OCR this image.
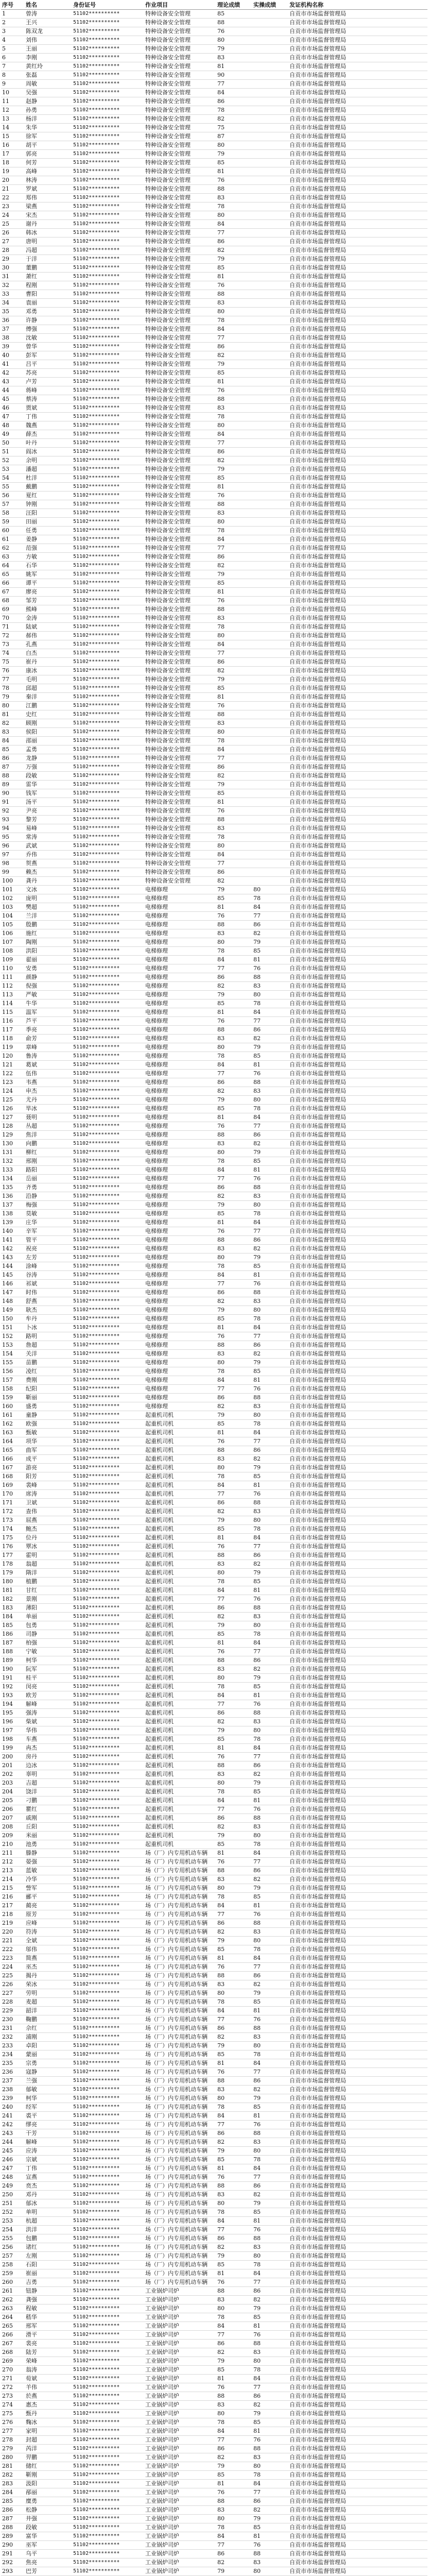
序号	姓名	身份证号	作业项目	理论成绩	实操成绩	发证机构名称
1	曾涛	51102**********	特种设备安全管理	85		自贡市市场监督管理局
2	王兴	51102**********	特种设备安全管理	88		自贡市市场监督管理局
3	陈双龙	51102**********	特种设备安全管理	76		自贡市市场监督管理局
4	刘伟	51102**********	特种设备安全管理	80		自贡市市场监督管理局
5	王丽	51102**********	特种设备安全管理	79		自贡市市场监督管理局
6	李刚	51102**********	特种设备安全管理	83		自贡市市场监督管理局
7	黄红玲	51102**********	特种设备安全管理	81		自贡市市场监督管理局
8	张磊	51102**********	特种设备安全管理	90		自贡市市场监督管理局
9	周敏	51102**********	特种设备安全管理	77		自贡市市场监督管理局
10	吴强	51102**********	特种设备安全管理	84		自贡市市场监督管理局
11	赵静	51102**********	特种设备安全管理	86		自贡市市场监督管理局
12	孙勇	51102**********	特种设备安全管理	78		自贡市市场监督管理局
13	杨洋	51102**********	特种设备安全管理	82		自贡市市场监督管理局
14	朱华	51102**********	特种设备安全管理	75		自贡市市场监督管理局
15	徐军	51102**********	特种设备安全管理	87		自贡市市场监督管理局
16	胡平	51102**********	特种设备安全管理	80		自贡市市场监督管理局
17	郭亮	51102**********	特种设备安全管理	79		自贡市市场监督管理局
18	何芳	51102**********	特种设备安全管理	85		自贡市市场监督管理局
19	高峰	51102**********	特种设备安全管理	81		自贡市市场监督管理局
20	林涛	51102**********	特种设备安全管理	76		自贡市市场监督管理局
21	罗斌	51102**********	特种设备安全管理	88		自贡市市场监督管理局
22	郑伟	51102**********	特种设备安全管理	83		自贡市市场监督管理局
23	梁燕	51102**********	特种设备安全管理	78		自贡市市场监督管理局
24	宋杰	51102**********	特种设备安全管理	80		自贡市市场监督管理局
25	谢丹	51102**********	特种设备安全管理	84		自贡市市场监督管理局
26	韩冰	51102**********	特种设备安全管理	77		自贡市市场监督管理局
27	唐明	51102**********	特种设备安全管理	86		自贡市市场监督管理局
28	冯超	51102**********	特种设备安全管理	82		自贡市市场监督管理局
29	于洋	51102**********	特种设备安全管理	79		自贡市市场监督管理局
30	董鹏	51102**********	特种设备安全管理	85		自贡市市场监督管理局
31	萧红	51102**********	特种设备安全管理	81		自贡市市场监督管理局
32	程刚	51102**********	特种设备安全管理	76		自贡市市场监督管理局
33	曹阳	51102**********	特种设备安全管理	88		自贡市市场监督管理局
34	袁丽	51102**********	特种设备安全管理	83		自贡市市场监督管理局
35	邓勇	51102**********	特种设备安全管理	80		自贡市市场监督管理局
36	许静	51102**********	特种设备安全管理	78		自贡市市场监督管理局
37	傅强	51102**********	特种设备安全管理	84		自贡市市场监督管理局
38	沈敏	51102**********	特种设备安全管理	77		自贡市市场监督管理局
39	曾华	51102**********	特种设备安全管理	86		自贡市市场监督管理局
40	彭军	51102**********	特种设备安全管理	82		自贡市市场监督管理局
41	吕平	51102**********	特种设备安全管理	79		自贡市市场监督管理局
42	苏亮	51102**********	特种设备安全管理	85		自贡市市场监督管理局
43	卢芳	51102**********	特种设备安全管理	81		自贡市市场监督管理局
44	蒋峰	51102**********	特种设备安全管理	76		自贡市市场监督管理局
45	蔡涛	51102**********	特种设备安全管理	88		自贡市市场监督管理局
46	贾斌	51102**********	特种设备安全管理	83		自贡市市场监督管理局
47	丁伟	51102**********	特种设备安全管理	78		自贡市市场监督管理局
48	魏燕	51102**********	特种设备安全管理	80		自贡市市场监督管理局
49	薛杰	51102**********	特种设备安全管理	84		自贡市市场监督管理局
50	叶丹	51102**********	特种设备安全管理	77		自贡市市场监督管理局
51	阎冰	51102**********	特种设备安全管理	86		自贡市市场监督管理局
52	余明	51102**********	特种设备安全管理	82		自贡市市场监督管理局
53	潘超	51102**********	特种设备安全管理	79		自贡市市场监督管理局
54	杜洋	51102**********	特种设备安全管理	85		自贡市市场监督管理局
55	戴鹏	51102**********	特种设备安全管理	81		自贡市市场监督管理局
56	夏红	51102**********	特种设备安全管理	76		自贡市市场监督管理局
57	钟刚	51102**********	特种设备安全管理	88		自贡市市场监督管理局
58	汪阳	51102**********	特种设备安全管理	83		自贡市市场监督管理局
59	田丽	51102**********	特种设备安全管理	80		自贡市市场监督管理局
60	任勇	51102**********	特种设备安全管理	78		自贡市市场监督管理局
61	姜静	51102**********	特种设备安全管理	84		自贡市市场监督管理局
62	范强	51102**********	特种设备安全管理	77		自贡市市场监督管理局
63	方敏	51102**********	特种设备安全管理	86		自贡市市场监督管理局
64	石华	51102**********	特种设备安全管理	82		自贡市市场监督管理局
65	姚军	51102**********	特种设备安全管理	79		自贡市市场监督管理局
66	谭平	51102**********	特种设备安全管理	85		自贡市市场监督管理局
67	廖亮	51102**********	特种设备安全管理	81		自贡市市场监督管理局
68	邹芳	51102**********	特种设备安全管理	76		自贡市市场监督管理局
69	熊峰	51102**********	特种设备安全管理	88		自贡市市场监督管理局
70	金涛	51102**********	特种设备安全管理	83		自贡市市场监督管理局
71	陆斌	51102**********	特种设备安全管理	78		自贡市市场监督管理局
72	郝伟	51102**********	特种设备安全管理	80		自贡市市场监督管理局
73	孔燕	51102**********	特种设备安全管理	84		自贡市市场监督管理局
74	白杰	51102**********	特种设备安全管理	77		自贡市市场监督管理局
75	崔丹	51102**********	特种设备安全管理	86		自贡市市场监督管理局
76	康冰	51102**********	特种设备安全管理	82		自贡市市场监督管理局
77	毛明	51102**********	特种设备安全管理	79		自贡市市场监督管理局
78	邱超	51102**********	特种设备安全管理	85		自贡市市场监督管理局
79	秦洋	51102**********	特种设备安全管理	81		自贡市市场监督管理局
80	江鹏	51102**********	特种设备安全管理	76		自贡市市场监督管理局
81	史红	51102**********	特种设备安全管理	88		自贡市市场监督管理局
82	顾刚	51102**********	特种设备安全管理	83		自贡市市场监督管理局
83	侯阳	51102**********	特种设备安全管理	80		自贡市市场监督管理局
84	邵丽	51102**********	特种设备安全管理	78		自贡市市场监督管理局
85	孟勇	51102**********	特种设备安全管理	84		自贡市市场监督管理局
86	龙静	51102**********	特种设备安全管理	77		自贡市市场监督管理局
87	万强	51102**********	特种设备安全管理	86		自贡市市场监督管理局
88	段敏	51102**********	特种设备安全管理	82		自贡市市场监督管理局
89	雷华	51102**********	特种设备安全管理	79		自贡市市场监督管理局
90	钱军	51102**********	特种设备安全管理	85		自贡市市场监督管理局
91	汤平	51102**********	特种设备安全管理	81		自贡市市场监督管理局
92	尹亮	51102**********	特种设备安全管理	76		自贡市市场监督管理局
93	黎芳	51102**********	特种设备安全管理	88		自贡市市场监督管理局
94	易峰	51102**********	特种设备安全管理	83		自贡市市场监督管理局
95	常涛	51102**********	特种设备安全管理	78		自贡市市场监督管理局
96	武斌	51102**********	特种设备安全管理	80		自贡市市场监督管理局
97	乔伟	51102**********	特种设备安全管理	84		自贡市市场监督管理局
98	贺燕	51102**********	特种设备安全管理	77		自贡市市场监督管理局
99	赖杰	51102**********	特种设备安全管理	86		自贡市市场监督管理局
100	龚丹	51102**********	特种设备安全管理	82		自贡市市场监督管理局
101	文冰	51102**********	电梯修理	79	80	自贡市市场监督管理局
102	庞明	51102**********	电梯修理	85	78	自贡市市场监督管理局
103	樊超	51102**********	电梯修理	81	84	自贡市市场监督管理局
104	兰洋	51102**********	电梯修理	76	77	自贡市市场监督管理局
105	殷鹏	51102**********	电梯修理	88	86	自贡市市场监督管理局
106	施红	51102**********	电梯修理	83	82	自贡市市场监督管理局
107	陶刚	51102**********	电梯修理	80	79	自贡市市场监督管理局
108	洪阳	51102**********	电梯修理	78	85	自贡市市场监督管理局
109	翟丽	51102**********	电梯修理	84	81	自贡市市场监督管理局
110	安勇	51102**********	电梯修理	77	76	自贡市市场监督管理局
111	颜静	51102**********	电梯修理	86	88	自贡市市场监督管理局
112	倪强	51102**********	电梯修理	82	83	自贡市市场监督管理局
113	严敏	51102**********	电梯修理	79	80	自贡市市场监督管理局
114	牛华	51102**********	电梯修理	85	78	自贡市市场监督管理局
115	温军	51102**********	电梯修理	81	84	自贡市市场监督管理局
116	芦平	51102**********	电梯修理	76	77	自贡市市场监督管理局
117	季亮	51102**********	电梯修理	88	86	自贡市市场监督管理局
118	俞芳	51102**********	电梯修理	83	82	自贡市市场监督管理局
119	章峰	51102**********	电梯修理	80	79	自贡市市场监督管理局
120	鲁涛	51102**********	电梯修理	78	85	自贡市市场监督管理局
121	葛斌	51102**********	电梯修理	84	81	自贡市市场监督管理局
122	伍伟	51102**********	电梯修理	77	76	自贡市市场监督管理局
123	韦燕	51102**********	电梯修理	86	88	自贡市市场监督管理局
124	申杰	51102**********	电梯修理	82	83	自贡市市场监督管理局
125	尤丹	51102**********	电梯修理	79	80	自贡市市场监督管理局
126	毕冰	51102**********	电梯修理	85	78	自贡市市场监督管理局
127	聂明	51102**********	电梯修理	81	84	自贡市市场监督管理局
128	丛超	51102**********	电梯修理	76	77	自贡市市场监督管理局
129	焦洋	51102**********	电梯修理	88	86	自贡市市场监督管理局
130	向鹏	51102**********	电梯修理	83	82	自贡市市场监督管理局
131	柳红	51102**********	电梯修理	80	79	自贡市市场监督管理局
132	邢刚	51102**********	电梯修理	78	85	自贡市市场监督管理局
133	路阳	51102**********	电梯修理	84	81	自贡市市场监督管理局
134	岳丽	51102**********	电梯修理	77	76	自贡市市场监督管理局
135	齐勇	51102**********	电梯修理	86	88	自贡市市场监督管理局
136	沿静	51102**********	电梯修理	82	83	自贡市市场监督管理局
137	梅强	51102**********	电梯修理	79	80	自贡市市场监督管理局
138	莫敏	51102**********	电梯修理	85	78	自贡市市场监督管理局
139	庄华	51102**********	电梯修理	81	84	自贡市市场监督管理局
140	辛军	51102**********	电梯修理	76	77	自贡市市场监督管理局
141	管平	51102**********	电梯修理	88	86	自贡市市场监督管理局
142	祝亮	51102**********	电梯修理	83	82	自贡市市场监督管理局
143	左芳	51102**********	电梯修理	80	79	自贡市市场监督管理局
144	涂峰	51102**********	电梯修理	78	85	自贡市市场监督管理局
145	谷涛	51102**********	电梯修理	84	81	自贡市市场监督管理局
146	祁斌	51102**********	电梯修理	77	76	自贡市市场监督管理局
147	时伟	51102**********	电梯修理	86	88	自贡市市场监督管理局
148	舒燕	51102**********	电梯修理	82	83	自贡市市场监督管理局
149	耿杰	51102**********	电梯修理	79	80	自贡市市场监督管理局
150	牟丹	51102**********	电梯修理	85	78	自贡市市场监督管理局
151	卜冰	51102**********	电梯修理	81	84	自贡市市场监督管理局
152	路明	51102**********	电梯修理	76	77	自贡市市场监督管理局
153	詹超	51102**********	电梯修理	88	86	自贡市市场监督管理局
154	关洋	51102**********	电梯修理	83	82	自贡市市场监督管理局
155	苗鹏	51102**********	电梯修理	80	79	自贡市市场监督管理局
156	凌红	51102**********	电梯修理	78	85	自贡市市场监督管理局
157	费刚	51102**********	电梯修理	84	81	自贡市市场监督管理局
158	纪阳	51102**********	电梯修理	77	76	自贡市市场监督管理局
159	靳丽	51102**********	电梯修理	86	88	自贡市市场监督管理局
160	盛勇	51102**********	电梯修理	82	83	自贡市市场监督管理局
161	童静	51102**********	起重机司机	79	80	自贡市市场监督管理局
162	欧强	51102**********	起重机司机	85	78	自贡市市场监督管理局
163	甄敏	51102**********	起重机司机	81	84	自贡市市场监督管理局
164	项华	51102**********	起重机司机	76	77	自贡市市场监督管理局
165	曲军	51102**********	起重机司机	88	86	自贡市市场监督管理局
166	成平	51102**********	起重机司机	83	82	自贡市市场监督管理局
167	游亮	51102**********	起重机司机	80	79	自贡市市场监督管理局
168	阳芳	51102**********	起重机司机	78	85	自贡市市场监督管理局
169	裴峰	51102**********	起重机司机	84	81	自贡市市场监督管理局
170	席涛	51102**********	起重机司机	77	76	自贡市市场监督管理局
171	卫斌	51102**********	起重机司机	86	88	自贡市市场监督管理局
172	查伟	51102**********	起重机司机	82	83	自贡市市场监督管理局
173	屈燕	51102**********	起重机司机	79	80	自贡市市场监督管理局
174	鲍杰	51102**********	起重机司机	85	78	自贡市市场监督管理局
175	位丹	51102**********	起重机司机	81	84	自贡市市场监督管理局
176	覃冰	51102**********	起重机司机	76	77	自贡市市场监督管理局
177	霍明	51102**********	起重机司机	88	86	自贡市市场监督管理局
178	翁超	51102**********	起重机司机	83	82	自贡市市场监督管理局
179	隋洋	51102**********	起重机司机	80	79	自贡市市场监督管理局
180	植鹏	51102**********	起重机司机	78	85	自贡市市场监督管理局
181	甘红	51102**********	起重机司机	84	81	自贡市市场监督管理局
182	景刚	51102**********	起重机司机	77	76	自贡市市场监督管理局
183	薄阳	51102**********	起重机司机	86	88	自贡市市场监督管理局
184	单丽	51102**********	起重机司机	82	83	自贡市市场监督管理局
185	包勇	51102**********	起重机司机	79	80	自贡市市场监督管理局
186	司静	51102**********	起重机司机	85	78	自贡市市场监督管理局
187	柏强	51102**********	起重机司机	81	84	自贡市市场监督管理局
188	宁敏	51102**********	起重机司机	76	77	自贡市市场监督管理局
189	柯华	51102**********	起重机司机	88	86	自贡市市场监督管理局
190	阮军	51102**********	起重机司机	83	82	自贡市市场监督管理局
191	桂平	51102**********	起重机司机	80	79	自贡市市场监督管理局
192	闵亮	51102**********	起重机司机	78	85	自贡市市场监督管理局
193	欧芳	51102**********	起重机司机	84	81	自贡市市场监督管理局
194	解峰	51102**********	起重机司机	77	76	自贡市市场监督管理局
195	强涛	51102**********	起重机司机	86	88	自贡市市场监督管理局
196	柴斌	51102**********	起重机司机	82	83	自贡市市场监督管理局
197	华伟	51102**********	起重机司机	79	80	自贡市市场监督管理局
198	车燕	51102**********	起重机司机	85	78	自贡市市场监督管理局
199	冉杰	51102**********	起重机司机	81	84	自贡市市场监督管理局
200	房丹	51102**********	起重机司机	76	77	自贡市市场监督管理局
201	边冰	51102**********	起重机司机	88	86	自贡市市场监督管理局
202	辜明	51102**********	起重机司机	83	82	自贡市市场监督管理局
203	吉超	51102**********	起重机司机	80	79	自贡市市场监督管理局
204	饶洋	51102**********	起重机司机	78	85	自贡市市场监督管理局
205	刁鹏	51102**********	起重机司机	84	81	自贡市市场监督管理局
206	瞿红	51102**********	起重机司机	77	76	自贡市市场监督管理局
207	戚刚	51102**********	起重机司机	86	88	自贡市市场监督管理局
208	丘阳	51102**********	起重机司机	82	83	自贡市市场监督管理局
209	米丽	51102**********	起重机司机	79	80	自贡市市场监督管理局
210	池勇	51102**********	起重机司机	85	78	自贡市市场监督管理局
211	滕静	51102**********	场（厂）内专用机动车辆	81	84	自贡市市场监督管理局
212	晏强	51102**********	场（厂）内专用机动车辆	76	77	自贡市市场监督管理局
213	蓝敏	51102**********	场（厂）内专用机动车辆	88	86	自贡市市场监督管理局
214	冷华	51102**********	场（厂）内专用机动车辆	83	82	自贡市市场监督管理局
215	訾军	51102**********	场（厂）内专用机动车辆	80	79	自贡市市场监督管理局
216	郦平	51102**********	场（厂）内专用机动车辆	78	85	自贡市市场监督管理局
217	蔺亮	51102**********	场（厂）内专用机动车辆	84	81	自贡市市场监督管理局
218	原芳	51102**********	场（厂）内专用机动车辆	77	76	自贡市市场监督管理局
219	应峰	51102**********	场（厂）内专用机动车辆	86	88	自贡市市场监督管理局
220	符涛	51102**********	场（厂）内专用机动车辆	82	83	自贡市市场监督管理局
221	全斌	51102**********	场（厂）内专用机动车辆	79	80	自贡市市场监督管理局
222	邬伟	51102**********	场（厂）内专用机动车辆	85	78	自贡市市场监督管理局
223	简燕	51102**********	场（厂）内专用机动车辆	81	84	自贡市市场监督管理局
224	巫杰	51102**********	场（厂）内专用机动车辆	76	77	自贡市市场监督管理局
225	揭丹	51102**********	场（厂）内专用机动车辆	88	86	自贡市市场监督管理局
226	荣冰	51102**********	场（厂）内专用机动车辆	83	82	自贡市市场监督管理局
227	劳明	51102**********	场（厂）内专用机动车辆	80	79	自贡市市场监督管理局
228	麦超	51102**********	场（厂）内专用机动车辆	78	85	自贡市市场监督管理局
229	韶洋	51102**********	场（厂）内专用机动车辆	84	81	自贡市市场监督管理局
230	鞠鹏	51102**********	场（厂）内专用机动车辆	77	76	自贡市市场监督管理局
231	佘红	51102**********	场（厂）内专用机动车辆	86	88	自贡市市场监督管理局
232	浦刚	51102**********	场（厂）内专用机动车辆	82	83	自贡市市场监督管理局
233	卓阳	51102**********	场（厂）内专用机动车辆	79	80	自贡市市场监督管理局
234	蒙丽	51102**********	场（厂）内专用机动车辆	85	78	自贡市市场监督管理局
235	宗勇	51102**********	场（厂）内专用机动车辆	81	84	自贡市市场监督管理局
236	寇静	51102**********	场（厂）内专用机动车辆	76	77	自贡市市场监督管理局
237	兰强	51102**********	场（厂）内专用机动车辆	88	86	自贡市市场监督管理局
238	郁敏	51102**********	场（厂）内专用机动车辆	83	82	自贡市市场监督管理局
239	柯华	51102**********	场（厂）内专用机动车辆	80	79	自贡市市场监督管理局
240	经军	51102**********	场（厂）内专用机动车辆	78	85	自贡市市场监督管理局
241	裘平	51102**********	场（厂）内专用机动车辆	84	81	自贡市市场监督管理局
242	缪亮	51102**********	场（厂）内专用机动车辆	77	76	自贡市市场监督管理局
243	干芳	51102**********	场（厂）内专用机动车辆	86	88	自贡市市场监督管理局
244	解峰	51102**********	场（厂）内专用机动车辆	82	83	自贡市市场监督管理局
245	应涛	51102**********	场（厂）内专用机动车辆	79	80	自贡市市场监督管理局
246	宗斌	51102**********	场（厂）内专用机动车辆	85	78	自贡市市场监督管理局
247	丁伟	51102**********	场（厂）内专用机动车辆	81	84	自贡市市场监督管理局
248	宣燕	51102**********	场（厂）内专用机动车辆	76	77	自贡市市场监督管理局
249	贲杰	51102**********	场（厂）内专用机动车辆	88	86	自贡市市场监督管理局
250	邓丹	51102**********	场（厂）内专用机动车辆	83	82	自贡市市场监督管理局
251	郁冰	51102**********	场（厂）内专用机动车辆	80	79	自贡市市场监督管理局
252	单明	51102**********	场（厂）内专用机动车辆	78	85	自贡市市场监督管理局
253	杭超	51102**********	场（厂）内专用机动车辆	84	81	自贡市市场监督管理局
254	洪洋	51102**********	场（厂）内专用机动车辆	77	76	自贡市市场监督管理局
255	包鹏	51102**********	场（厂）内专用机动车辆	86	88	自贡市市场监督管理局
256	诸红	51102**********	场（厂）内专用机动车辆	82	83	自贡市市场监督管理局
257	左刚	51102**********	场（厂）内专用机动车辆	79	80	自贡市市场监督管理局
258	石阳	51102**********	场（厂）内专用机动车辆	85	78	自贡市市场监督管理局
259	崔丽	51102**********	场（厂）内专用机动车辆	81	84	自贡市市场监督管理局
260	吉勇	51102**********	场（厂）内专用机动车辆	76	77	自贡市市场监督管理局
261	钮静	51102**********	工业锅炉司炉	88	86	自贡市市场监督管理局
262	龚强	51102**********	工业锅炉司炉	83	82	自贡市市场监督管理局
263	程敏	51102**********	工业锅炉司炉	80	79	自贡市市场监督管理局
264	嵇华	51102**********	工业锅炉司炉	78	85	自贡市市场监督管理局
265	邢军	51102**********	工业锅炉司炉	84	81	自贡市市场监督管理局
266	滑平	51102**********	工业锅炉司炉	77	76	自贡市市场监督管理局
267	裴亮	51102**********	工业锅炉司炉	86	88	自贡市市场监督管理局
268	陆芳	51102**********	工业锅炉司炉	82	83	自贡市市场监督管理局
269	荣峰	51102**********	工业锅炉司炉	79	80	自贡市市场监督管理局
270	翁涛	51102**********	工业锅炉司炉	85	78	自贡市市场监督管理局
271	荀斌	51102**********	工业锅炉司炉	81	84	自贡市市场监督管理局
272	羊伟	51102**********	工业锅炉司炉	76	77	自贡市市场监督管理局
273	於燕	51102**********	工业锅炉司炉	88	86	自贡市市场监督管理局
274	惠杰	51102**********	工业锅炉司炉	83	82	自贡市市场监督管理局
275	甄丹	51102**********	工业锅炉司炉	80	79	自贡市市场监督管理局
276	麴冰	51102**********	工业锅炉司炉	78	85	自贡市市场监督管理局
277	家明	51102**********	工业锅炉司炉	84	81	自贡市市场监督管理局
278	封超	51102**********	工业锅炉司炉	77	76	自贡市市场监督管理局
279	芮洋	51102**********	工业锅炉司炉	86	88	自贡市市场监督管理局
280	羿鹏	51102**********	工业锅炉司炉	82	83	自贡市市场监督管理局
281	储红	51102**********	工业锅炉司炉	79	80	自贡市市场监督管理局
282	靳刚	51102**********	工业锅炉司炉	85	78	自贡市市场监督管理局
283	汲阳	51102**********	工业锅炉司炉	81	84	自贡市市场监督管理局
284	邴丽	51102**********	工业锅炉司炉	76	77	自贡市市场监督管理局
285	糜勇	51102**********	工业锅炉司炉	88	86	自贡市市场监督管理局
286	松静	51102**********	工业锅炉司炉	83	82	自贡市市场监督管理局
287	井强	51102**********	工业锅炉司炉	80	79	自贡市市场监督管理局
288	段敏	51102**********	工业锅炉司炉	78	85	自贡市市场监督管理局
289	富华	51102**********	工业锅炉司炉	84	81	自贡市市场监督管理局
290	巫军	51102**********	工业锅炉司炉	77	76	自贡市市场监督管理局
291	乌平	51102**********	工业锅炉司炉	86	88	自贡市市场监督管理局
292	焦亮	51102**********	工业锅炉司炉	82	83	自贡市市场监督管理局
293	巴芳	51102**********	工业锅炉司炉	79	80	自贡市市场监督管理局
